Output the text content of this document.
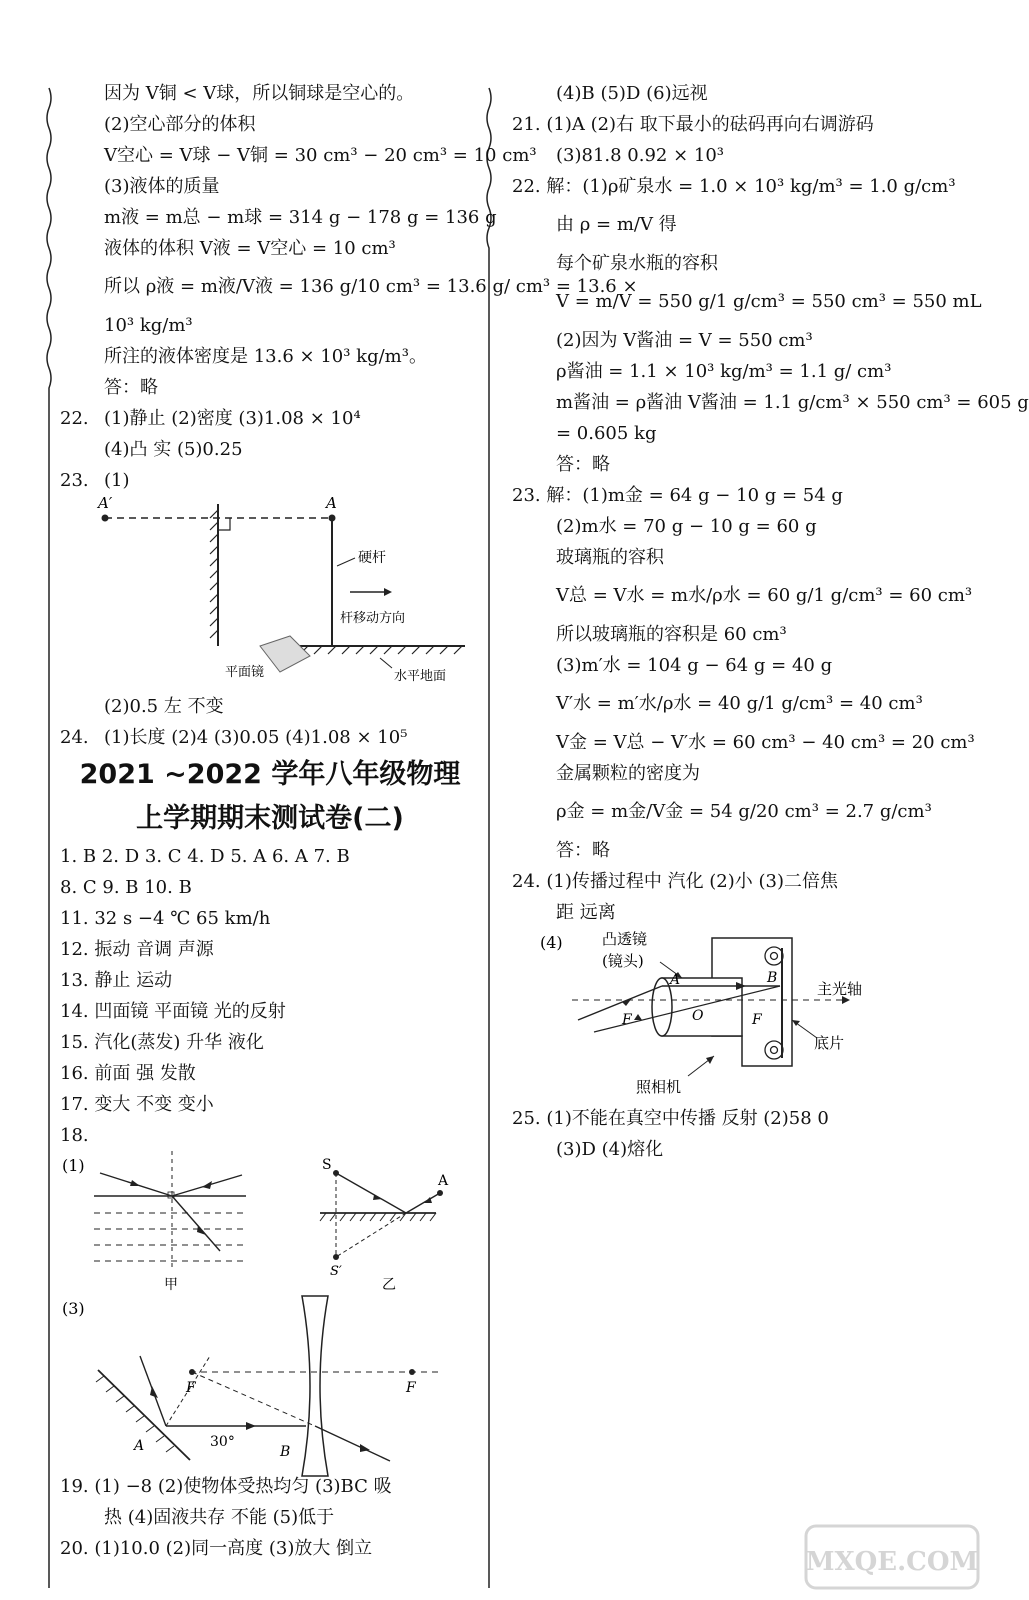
因为 V铜 < V球，所以铜球是空心的。
(2)空心部分的体积
V空心 = V球 − V铜 = 30 cm³ − 20 cm³ = 10 cm³
(3)液体的质量
m液 = m总 − m球 = 314 g − 178 g = 136 g
液体的体积 V液 = V空心 = 10 cm³
所以 ρ液 = m液/V液 = 136 g/10 cm³ = 13.6 g/ cm³ = 13.6 ×
10³ kg/m³
所注的液体密度是 13.6 × 10³ kg/m³。
答：略
22. (1)静止 (2)密度 (3)1.08 × 10⁴
(4)凸 实 (5)0.25
23. (1)
A′	A
硬杆
杆移动方向
平面镜	水平地面
(2)0.5 左 不变
24. (1)长度 (2)4 (3)0.05 (4)1.08 × 10⁵
2021 ~2022 学年八年级物理
上学期期末测试卷(二)
1. B 2. D 3. C 4. D 5. A 6. A 7. B
8. C 9. B 10. B
11. 32 s −4 ℃ 65 km/h
12. 振动 音调 声源
13. 静止 运动
14. 凹面镜 平面镜 光的反射
15. 汽化(蒸发) 升华 液化
16. 前面 强 发散
17. 变大 不变 变小
18.
(1)
甲
S
A
S′
乙

(3)
F	F
A	B
30°
19. (1) −8 (2)使物体受热均匀 (3)BC 吸
热 (4)固液共存 不能 (5)低于
20. (1)10.0 (2)同一高度 (3)放大 倒立
(4)B (5)D (6)远视
21. (1)A (2)右 取下最小的砝码再向右调游码
(3)81.8 0.92 × 10³
22. 解：(1)ρ矿泉水 = 1.0 × 10³ kg/m³ = 1.0 g/cm³
由 ρ = m/V 得
每个矿泉水瓶的容积
V = m/V = 550 g/1 g/cm³ = 550 cm³ = 550 mL
(2)因为 V酱油 = V = 550 cm³
ρ酱油 = 1.1 × 10³ kg/m³ = 1.1 g/ cm³
m酱油 = ρ酱油 V酱油 = 1.1 g/cm³ × 550 cm³ = 605 g
= 0.605 kg
答：略
23. 解：(1)m金 = 64 g − 10 g = 54 g
(2)m水 = 70 g − 10 g = 60 g
玻璃瓶的容积
V总 = V水 = m水/ρ水 = 60 g/1 g/cm³ = 60 cm³
所以玻璃瓶的容积是 60 cm³
(3)m′水 = 104 g − 64 g = 40 g
V′水 = m′水/ρ水 = 40 g/1 g/cm³ = 40 cm³
V金 = V总 − V′水 = 60 cm³ − 40 cm³ = 20 cm³
金属颗粒的密度为
ρ金 = m金/V金 = 54 g/20 cm³ = 2.7 g/cm³
答：略
24. (1)传播过程中 汽化 (2)小 (3)二倍焦
距 远离
(4)	凸透镜
(镜头)
主光轴
A	B
O
F	F
底片
照相机
25. (1)不能在真空中传播 反射 (2)58 0
(3)D (4)熔化
MXQE.COM
